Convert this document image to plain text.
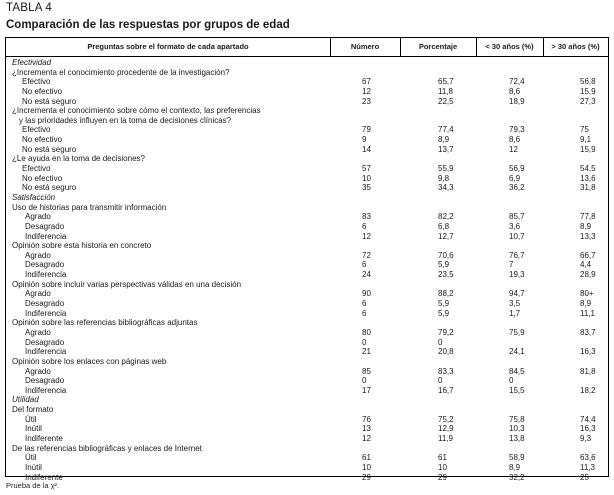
TABLA 4
Comparación de las respuestas por grupos de edad
Preguntas sobre el formato de cada apartado	Número	Porcentaje	< 30 años (%)	> 30 años (%)
Efectividad
¿Incrementa el conocimiento procedente de la investigación?
Efectivo	67	65,7	72,4	56,8
No efectivo	12	11,8	8,6	15,9
No está seguro	23	22,5	18,9	27,3
¿Incrementa el conocimiento sobre cómo el contexto, las preferencias
y las prioridades influyen en la toma de decisiones clínicas?
Efectivo	79	77,4	79,3	75
No efectivo	9	8,9	8,6	9,1
No está seguro	14	13,7	12	15,9
¿Le ayuda en la toma de decisiones?
Efectivo	57	55,9	56,9	54,5
No efectivo	10	9,8	6,9	13,6
No está seguro	35	34,3	36,2	31,8
Satisfacción
Uso de historias para transmitir información
Agrado	83	82,2	85,7	77,8
Desagrado	6	6,8	3,6	8,9
Indiferencia	12	12,7	10,7	13,3
Opinión sobre esta historia en concreto
Agrado	72	70,6	76,7	66,7
Desagrado	6	5,9	7	4,4
Indiferencia	24	23,5	19,3	28,9
Opinión sobre incluir varias perspectivas válidas en una decisión
Agrado	90	88,2	94,7	80+
Desagrado	6	5,9	3,5	8,9
Indiferencia	6	5,9	1,7	11,1
Opinión sobre las referencias bibliográficas adjuntas
Agrado	80	79,2	75,9	83,7
Desagrado	0	0
Indiferencia	21	20,8	24,1	16,3
Opinión sobre los enlaces con páginas web
Agrado	85	83,3	84,5	81,8
Desagrado	0	0	0
Indiferencia	17	16,7	15,5	18,2
Utilidad
Del formato
Útil	76	75,2	75,8	74,4
Inútil	13	12,9	10,3	16,3
Indiferente	12	11,9	13,8	9,3
De las referencias bibliográficas y enlaces de Internet
Útil	61	61	58,9	63,6
Inútil	10	10	8,9	11,3
Indiferente	29	29	32,2	25
Prueba de la χ².
